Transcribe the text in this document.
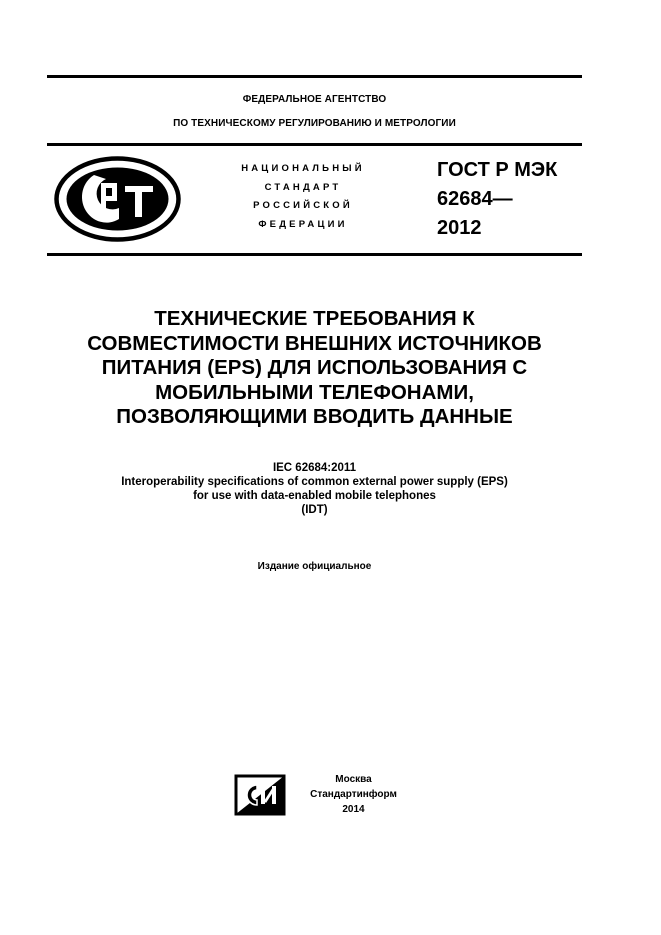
ФЕДЕРАЛЬНОЕ АГЕНТСТВО
ПО ТЕХНИЧЕСКОМУ РЕГУЛИРОВАНИЮ И МЕТРОЛОГИИ
НАЦИОНАЛЬНЫЙ
СТАНДАРТ
РОССИЙСКОЙ
ФЕДЕРАЦИИ
ГОСТ Р МЭК
62684—
2012
ТЕХНИЧЕСКИЕ ТРЕБОВАНИЯ К
СОВМЕСТИМОСТИ ВНЕШНИХ ИСТОЧНИКОВ
ПИТАНИЯ (EPS) ДЛЯ ИСПОЛЬЗОВАНИЯ С
МОБИЛЬНЫМИ ТЕЛЕФОНАМИ,
ПОЗВОЛЯЮЩИМИ ВВОДИТЬ ДАННЫЕ
IEC 62684:2011
Interoperability specifications of common external power supply (EPS)
for use with data-enabled mobile telephones
(IDT)
Издание официальное
Москва
Стандартинформ
2014
